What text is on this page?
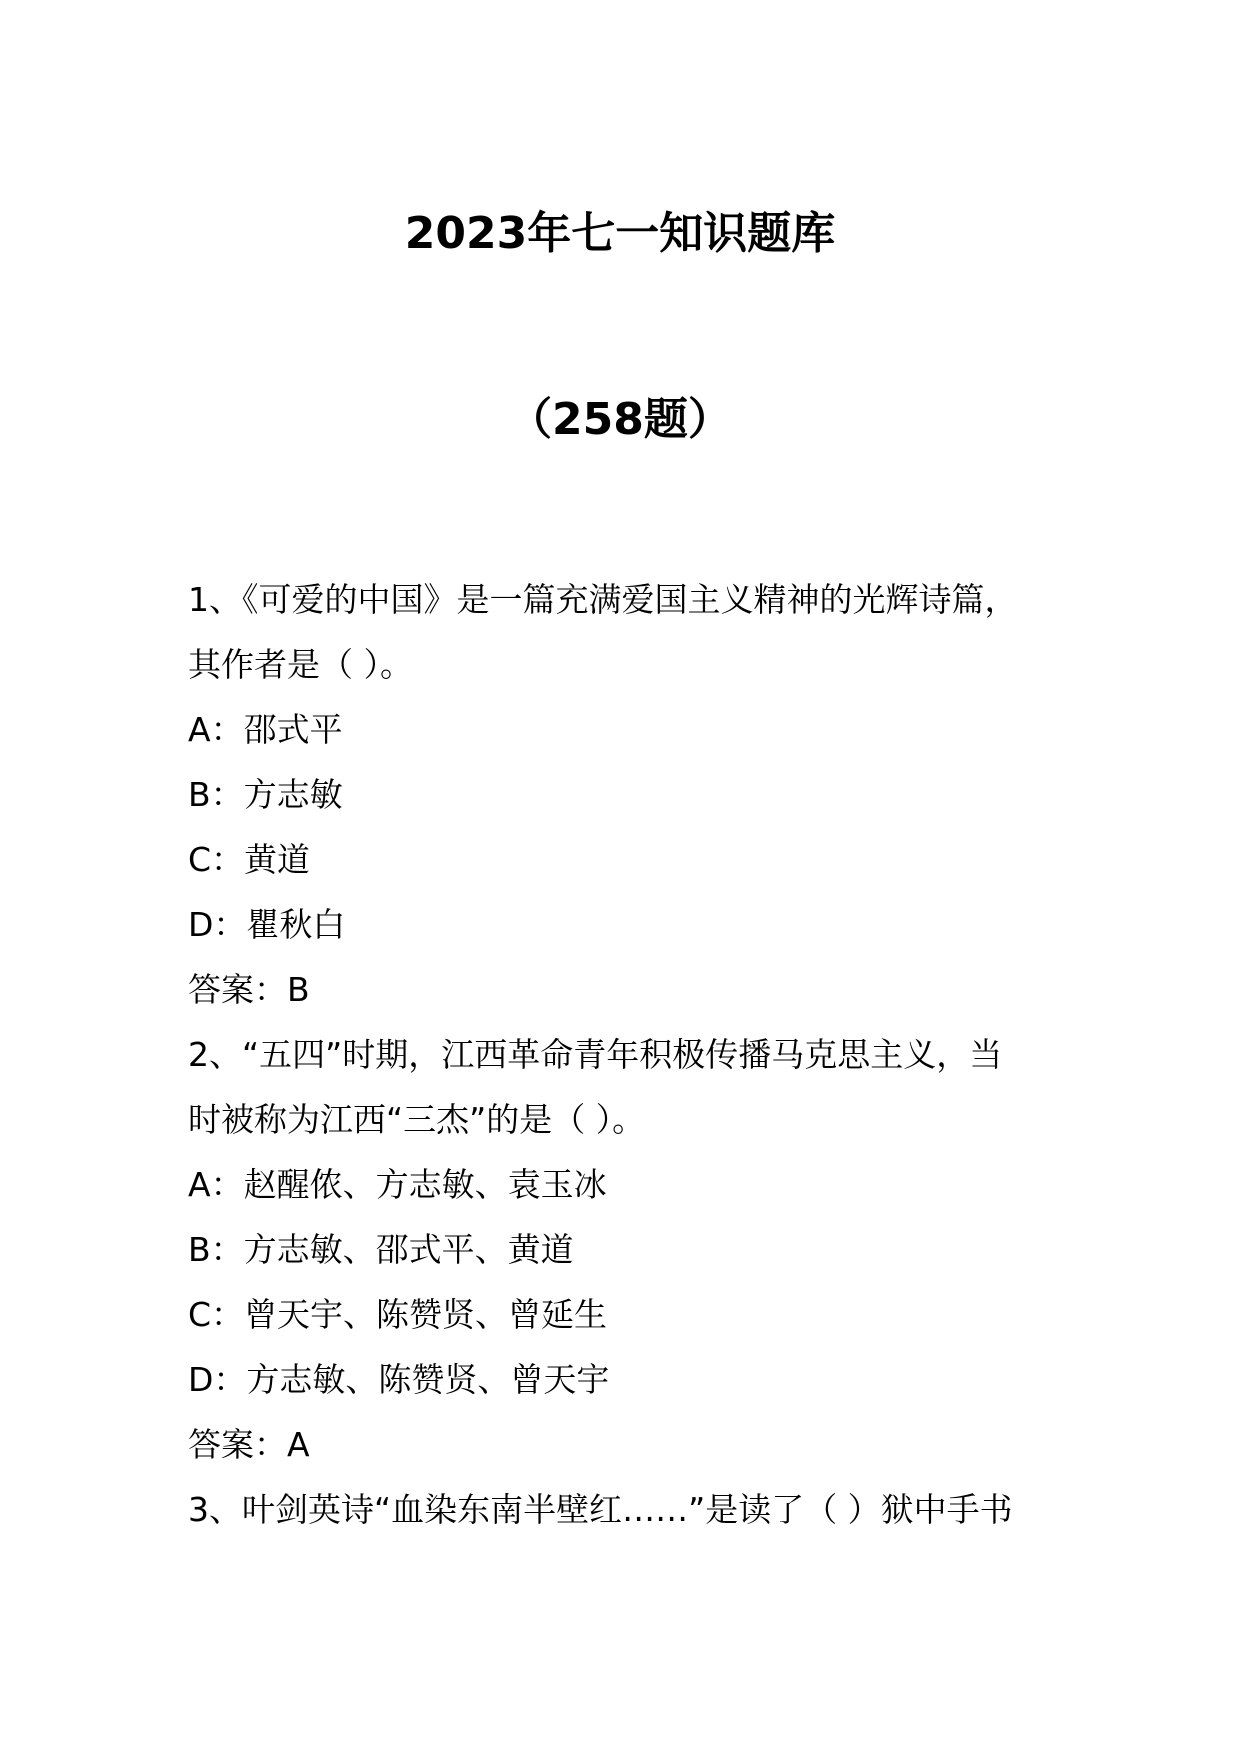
2023年七一知识题库
（258题）
1、《可爱的中国》是一篇充满爱国主义精神的光辉诗篇，
其作者是（ ）。
A：邵式平
B：方志敏
C：黄道
D：瞿秋白
答案：B
2、“五四”时期，江西革命青年积极传播马克思主义，当
时被称为江西“三杰”的是（ ）。
A：赵醒侬、方志敏、袁玉冰
B：方志敏、邵式平、黄道
C：曾天宇、陈赞贤、曾延生
D：方志敏、陈赞贤、曾天宇
答案：A
3、叶剑英诗“血染东南半壁红……”是读了（ ）狱中手书
